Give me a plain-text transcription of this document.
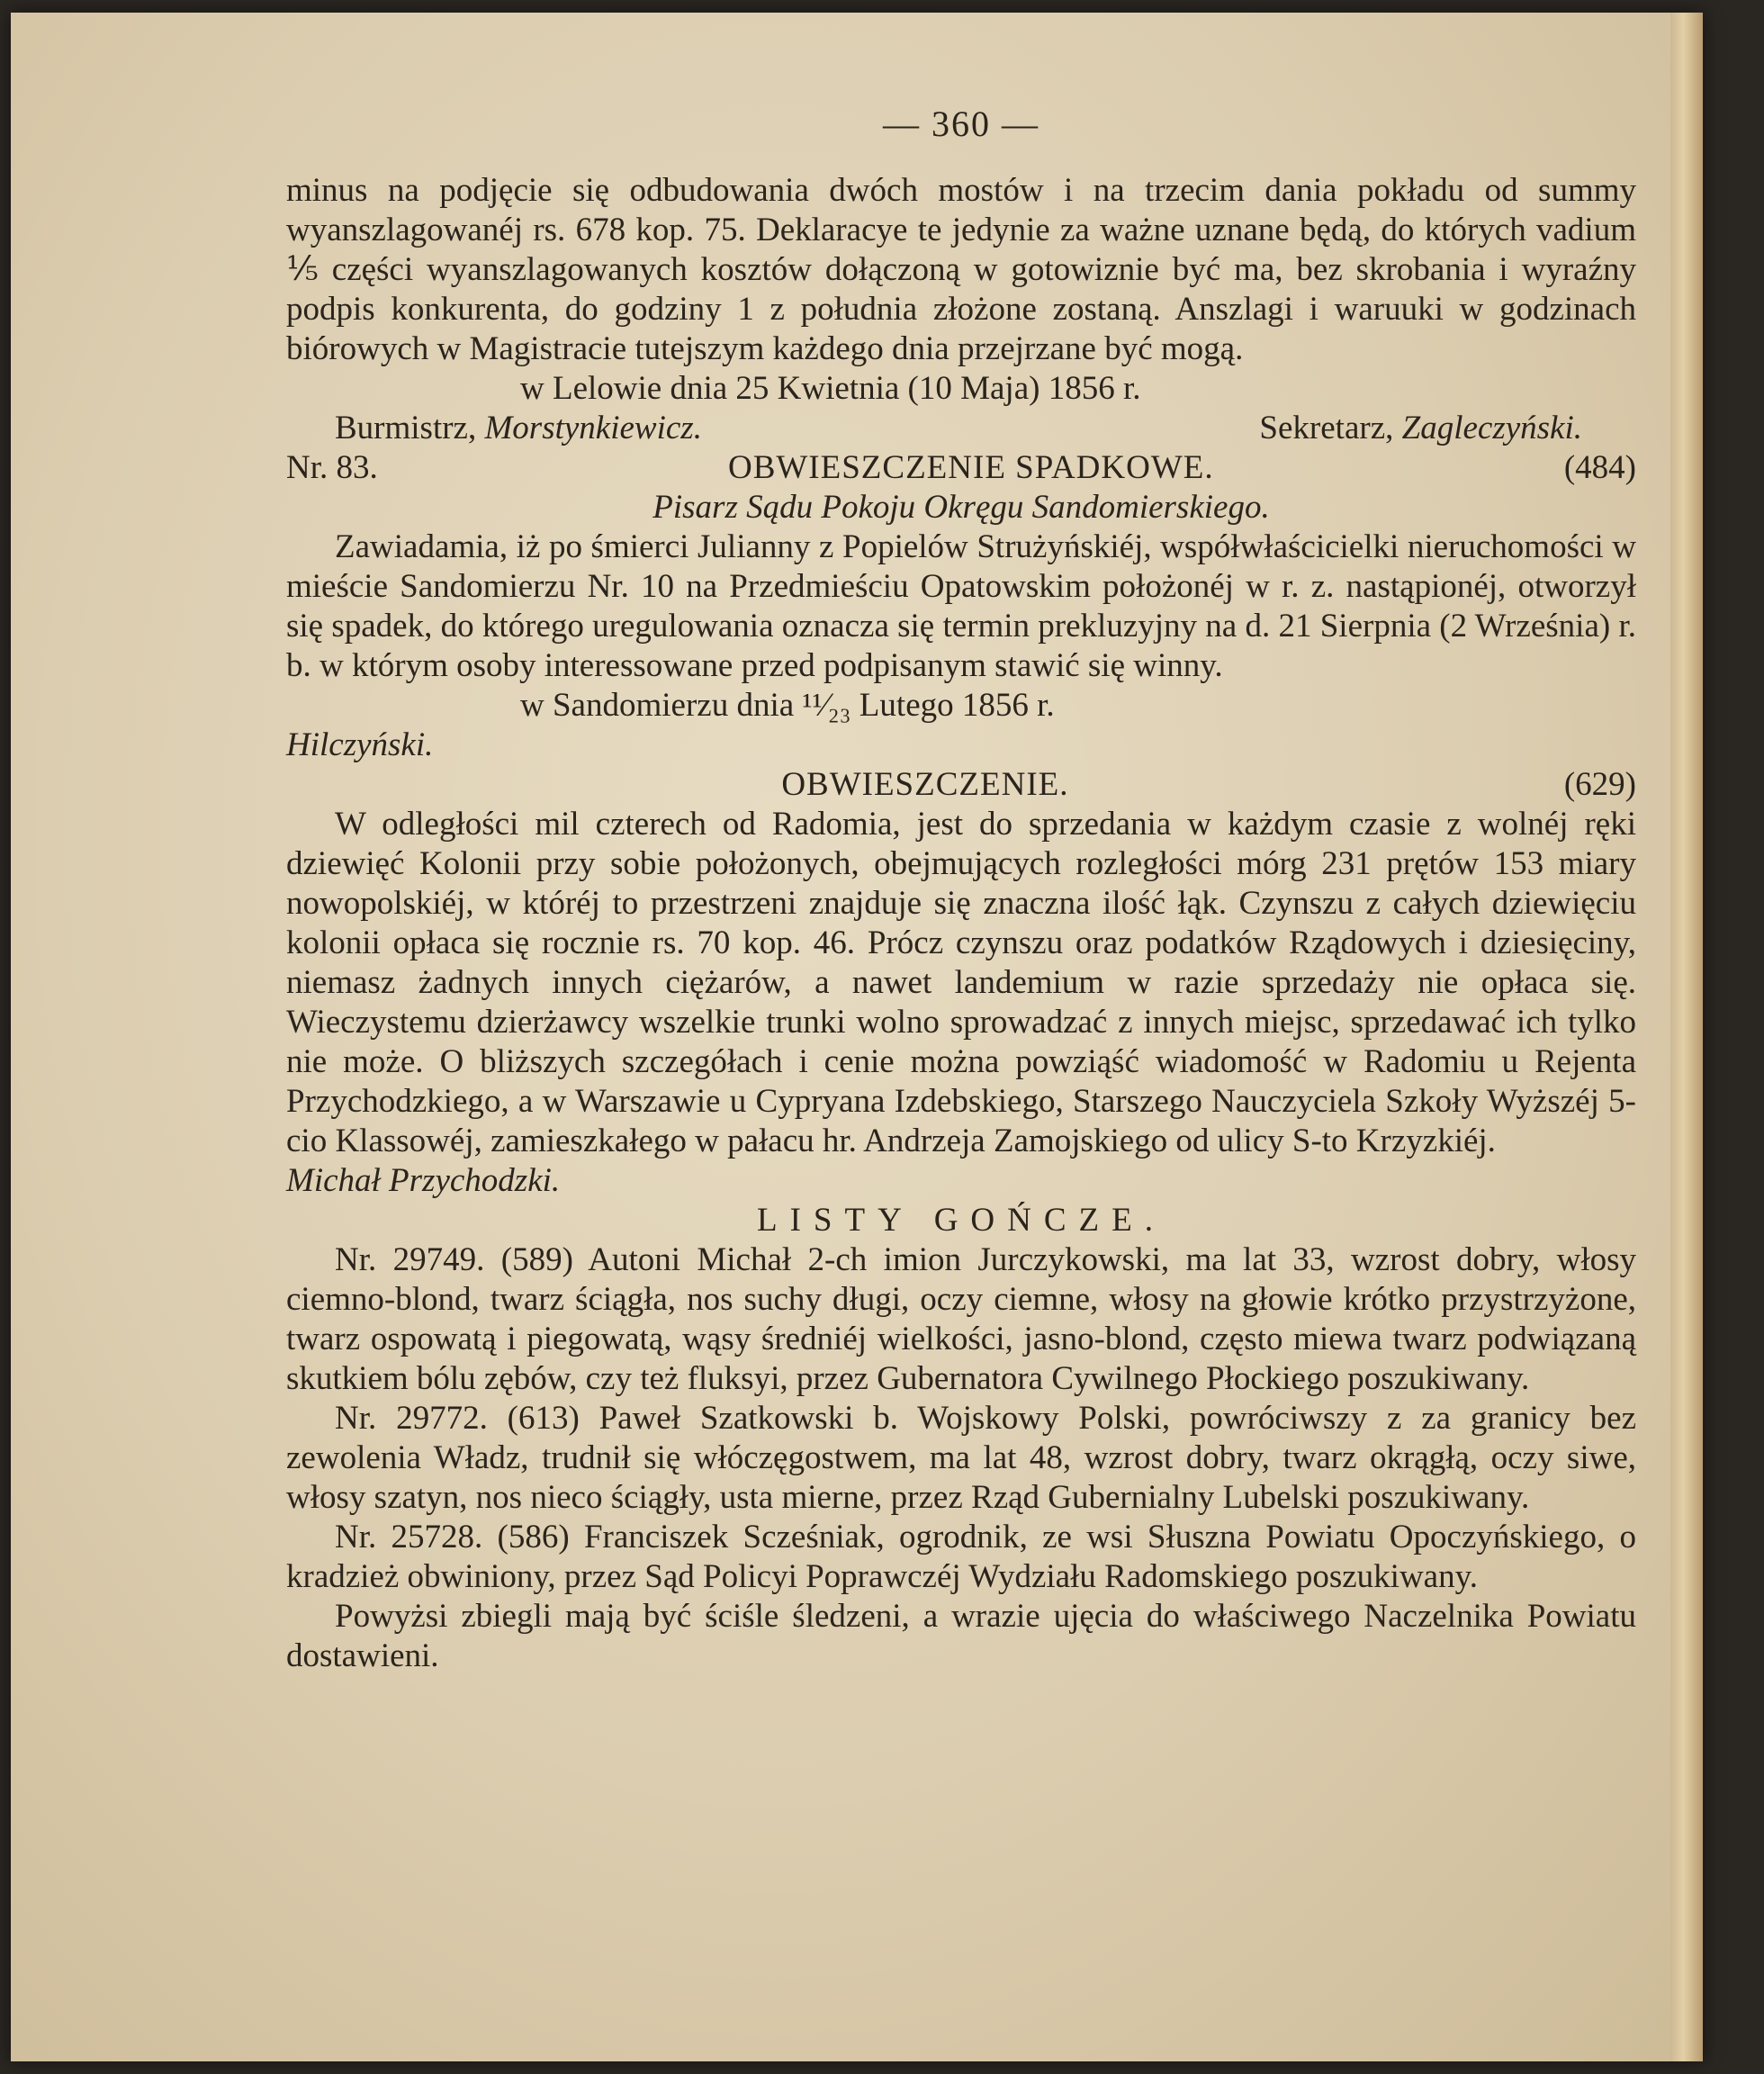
— 360 —

minus na podjęcie się odbudowania dwóch mostów i na trzecim dania pokładu od summy wyanszlagowanéj rs. 678 kop. 75. Deklaracye te jedynie za ważne uznane będą, do których vadium ⅕ części wyanszlagowanych kosztów dołączoną w gotowiznie być ma, bez skrobania i wyraźny podpis konkurenta, do godziny 1 z południa złożone zostaną. Anszlagi i waruuki w godzinach biórowych w Magistracie tutejszym każdego dnia przejrzane być mogą.

w Lelowie dnia 25 Kwietnia (10 Maja) 1856 r.

Burmistrz, Morstynkiewicz.	Sekretarz, Zagleczyński.
Nr. 83.	OBWIESZCZENIE SPADKOWE.	(484)
Pisarz Sądu Pokoju Okręgu Sandomierskiego.

Zawiadamia, iż po śmierci Julianny z Popielów Strużyńskiéj, współwłaścicielki nieruchomości w mieście Sandomierzu Nr. 10 na Przedmieściu Opatowskim położonéj w r. z. nastąpionéj, otworzył się spadek, do którego uregulowania oznacza się termin prekluzyjny na d. 21 Sierpnia (2 Września) r. b. w którym osoby interessowane przed podpisanym stawić się winny.

w Sandomierzu dnia ¹¹⁄₂₃ Lutego 1856 r.

Hilczyński.

OBWIESZCZENIE.	(629)

W odległości mil czterech od Radomia, jest do sprzedania w każdym czasie z wolnéj ręki dziewięć Kolonii przy sobie położonych, obejmujących rozległości mórg 231 prętów 153 miary nowopolskiéj, w któréj to przestrzeni znajduje się znaczna ilość łąk. Czynszu z całych dziewięciu kolonii opłaca się rocznie rs. 70 kop. 46. Prócz czynszu oraz podatków Rządowych i dziesięciny, niemasz żadnych innych ciężarów, a nawet landemium w razie sprzedaży nie opłaca się. Wieczystemu dzierżawcy wszelkie trunki wolno sprowadzać z innych miejsc, sprzedawać ich tylko nie może. O bliższych szczegółach i cenie można powziąść wiadomość w Radomiu u Rejenta Przychodzkiego, a w Warszawie u Cypryana Izdebskiego, Starszego Nauczyciela Szkoły Wyższéj 5-cio Klassowéj, zamieszkałego w pałacu hr. Andrzeja Zamojskiego od ulicy S-to Krzyzkiéj.

Michał Przychodzki.

LISTY GOŃCZE.

Nr. 29749. (589) Autoni Michał 2-ch imion Jurczykowski, ma lat 33, wzrost dobry, włosy ciemno-blond, twarz ściągła, nos suchy długi, oczy ciemne, włosy na głowie krótko przystrzyżone, twarz ospowatą i piegowatą, wąsy średniéj wielkości, jasno-blond, często miewa twarz podwiązaną skutkiem bólu zębów, czy też fluksyi, przez Gubernatora Cywilnego Płockiego poszukiwany.

Nr. 29772. (613) Paweł Szatkowski b. Wojskowy Polski, powróciwszy z za granicy bez zewolenia Władz, trudnił się włóczęgostwem, ma lat 48, wzrost dobry, twarz okrągłą, oczy siwe, włosy szatyn, nos nieco ściągły, usta mierne, przez Rząd Gubernialny Lubelski poszukiwany.

Nr. 25728. (586) Franciszek Scześniak, ogrodnik, ze wsi Słuszna Powiatu Opoczyńskiego, o kradzież obwiniony, przez Sąd Policyi Poprawczéj Wydziału Radomskiego poszukiwany.

Powyżsi zbiegli mają być ściśle śledzeni, a wrazie ujęcia do właściwego Naczelnika Powiatu dostawieni.
